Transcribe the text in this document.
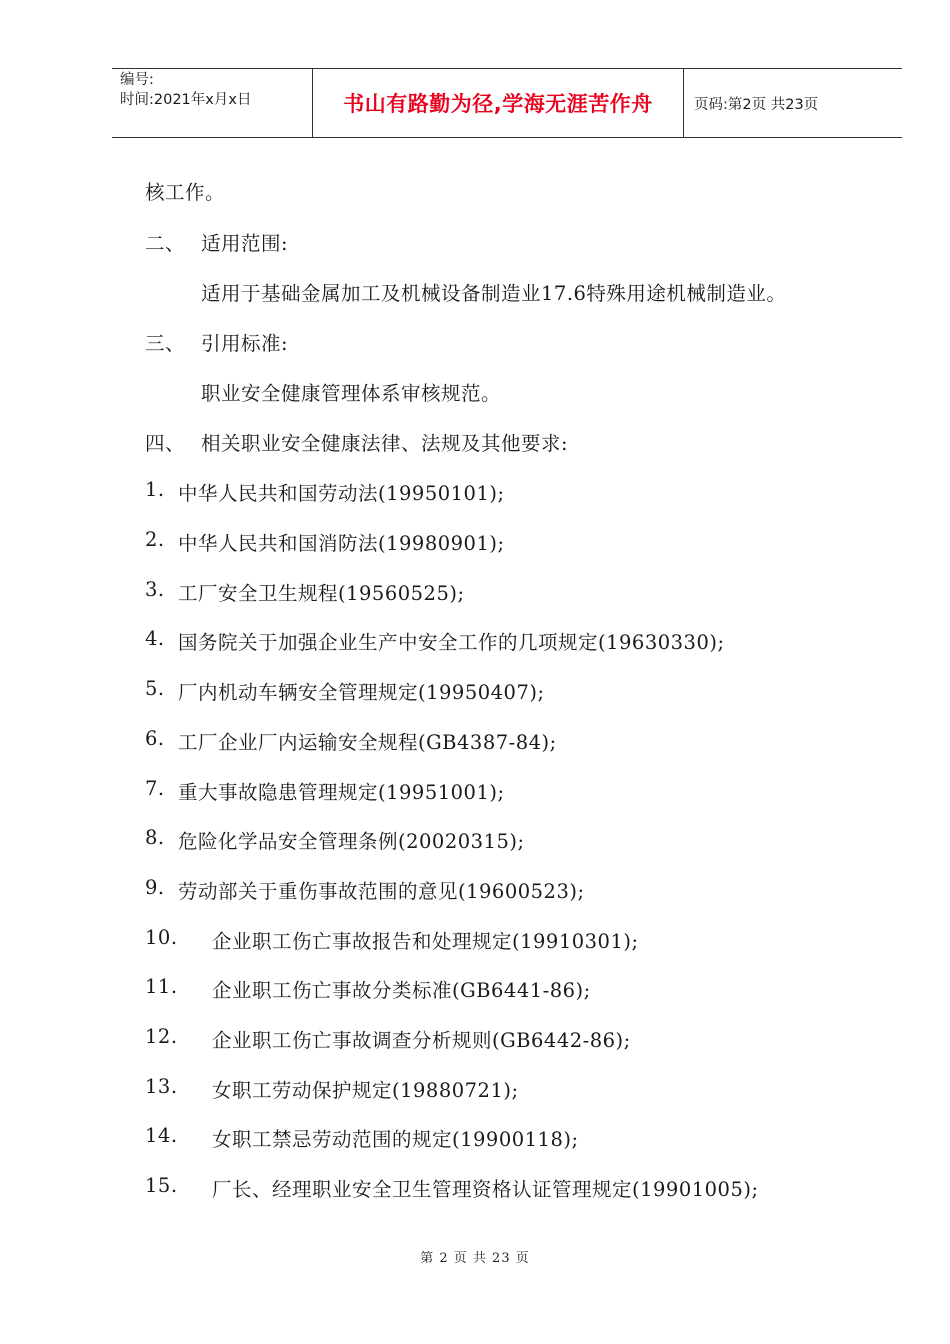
编号:
时间:2021年x月x日	书山有路勤为径,学海无涯苦作舟	页码:第2页 共23页
核工作。
二、 适用范围:
适用于基础金属加工及机械设备制造业17.6特殊用途机械制造业。
三、 引用标准:
职业安全健康管理体系审核规范。
四、 相关职业安全健康法律、法规及其他要求:
1. 中华人民共和国劳动法(19950101);
2. 中华人民共和国消防法(19980901);
3. 工厂安全卫生规程(19560525);
4. 国务院关于加强企业生产中安全工作的几项规定(19630330);
5. 厂内机动车辆安全管理规定(19950407);
6. 工厂企业厂内运输安全规程(GB4387-84);
7. 重大事故隐患管理规定(19951001);
8. 危险化学品安全管理条例(20020315);
9. 劳动部关于重伤事故范围的意见(19600523);
10. 企业职工伤亡事故报告和处理规定(19910301);
11. 企业职工伤亡事故分类标准(GB6441-86);
12. 企业职工伤亡事故调查分析规则(GB6442-86);
13. 女职工劳动保护规定(19880721);
14. 女职工禁忌劳动范围的规定(19900118);
15. 厂长、经理职业安全卫生管理资格认证管理规定(19901005);
第 2 页 共 23 页
